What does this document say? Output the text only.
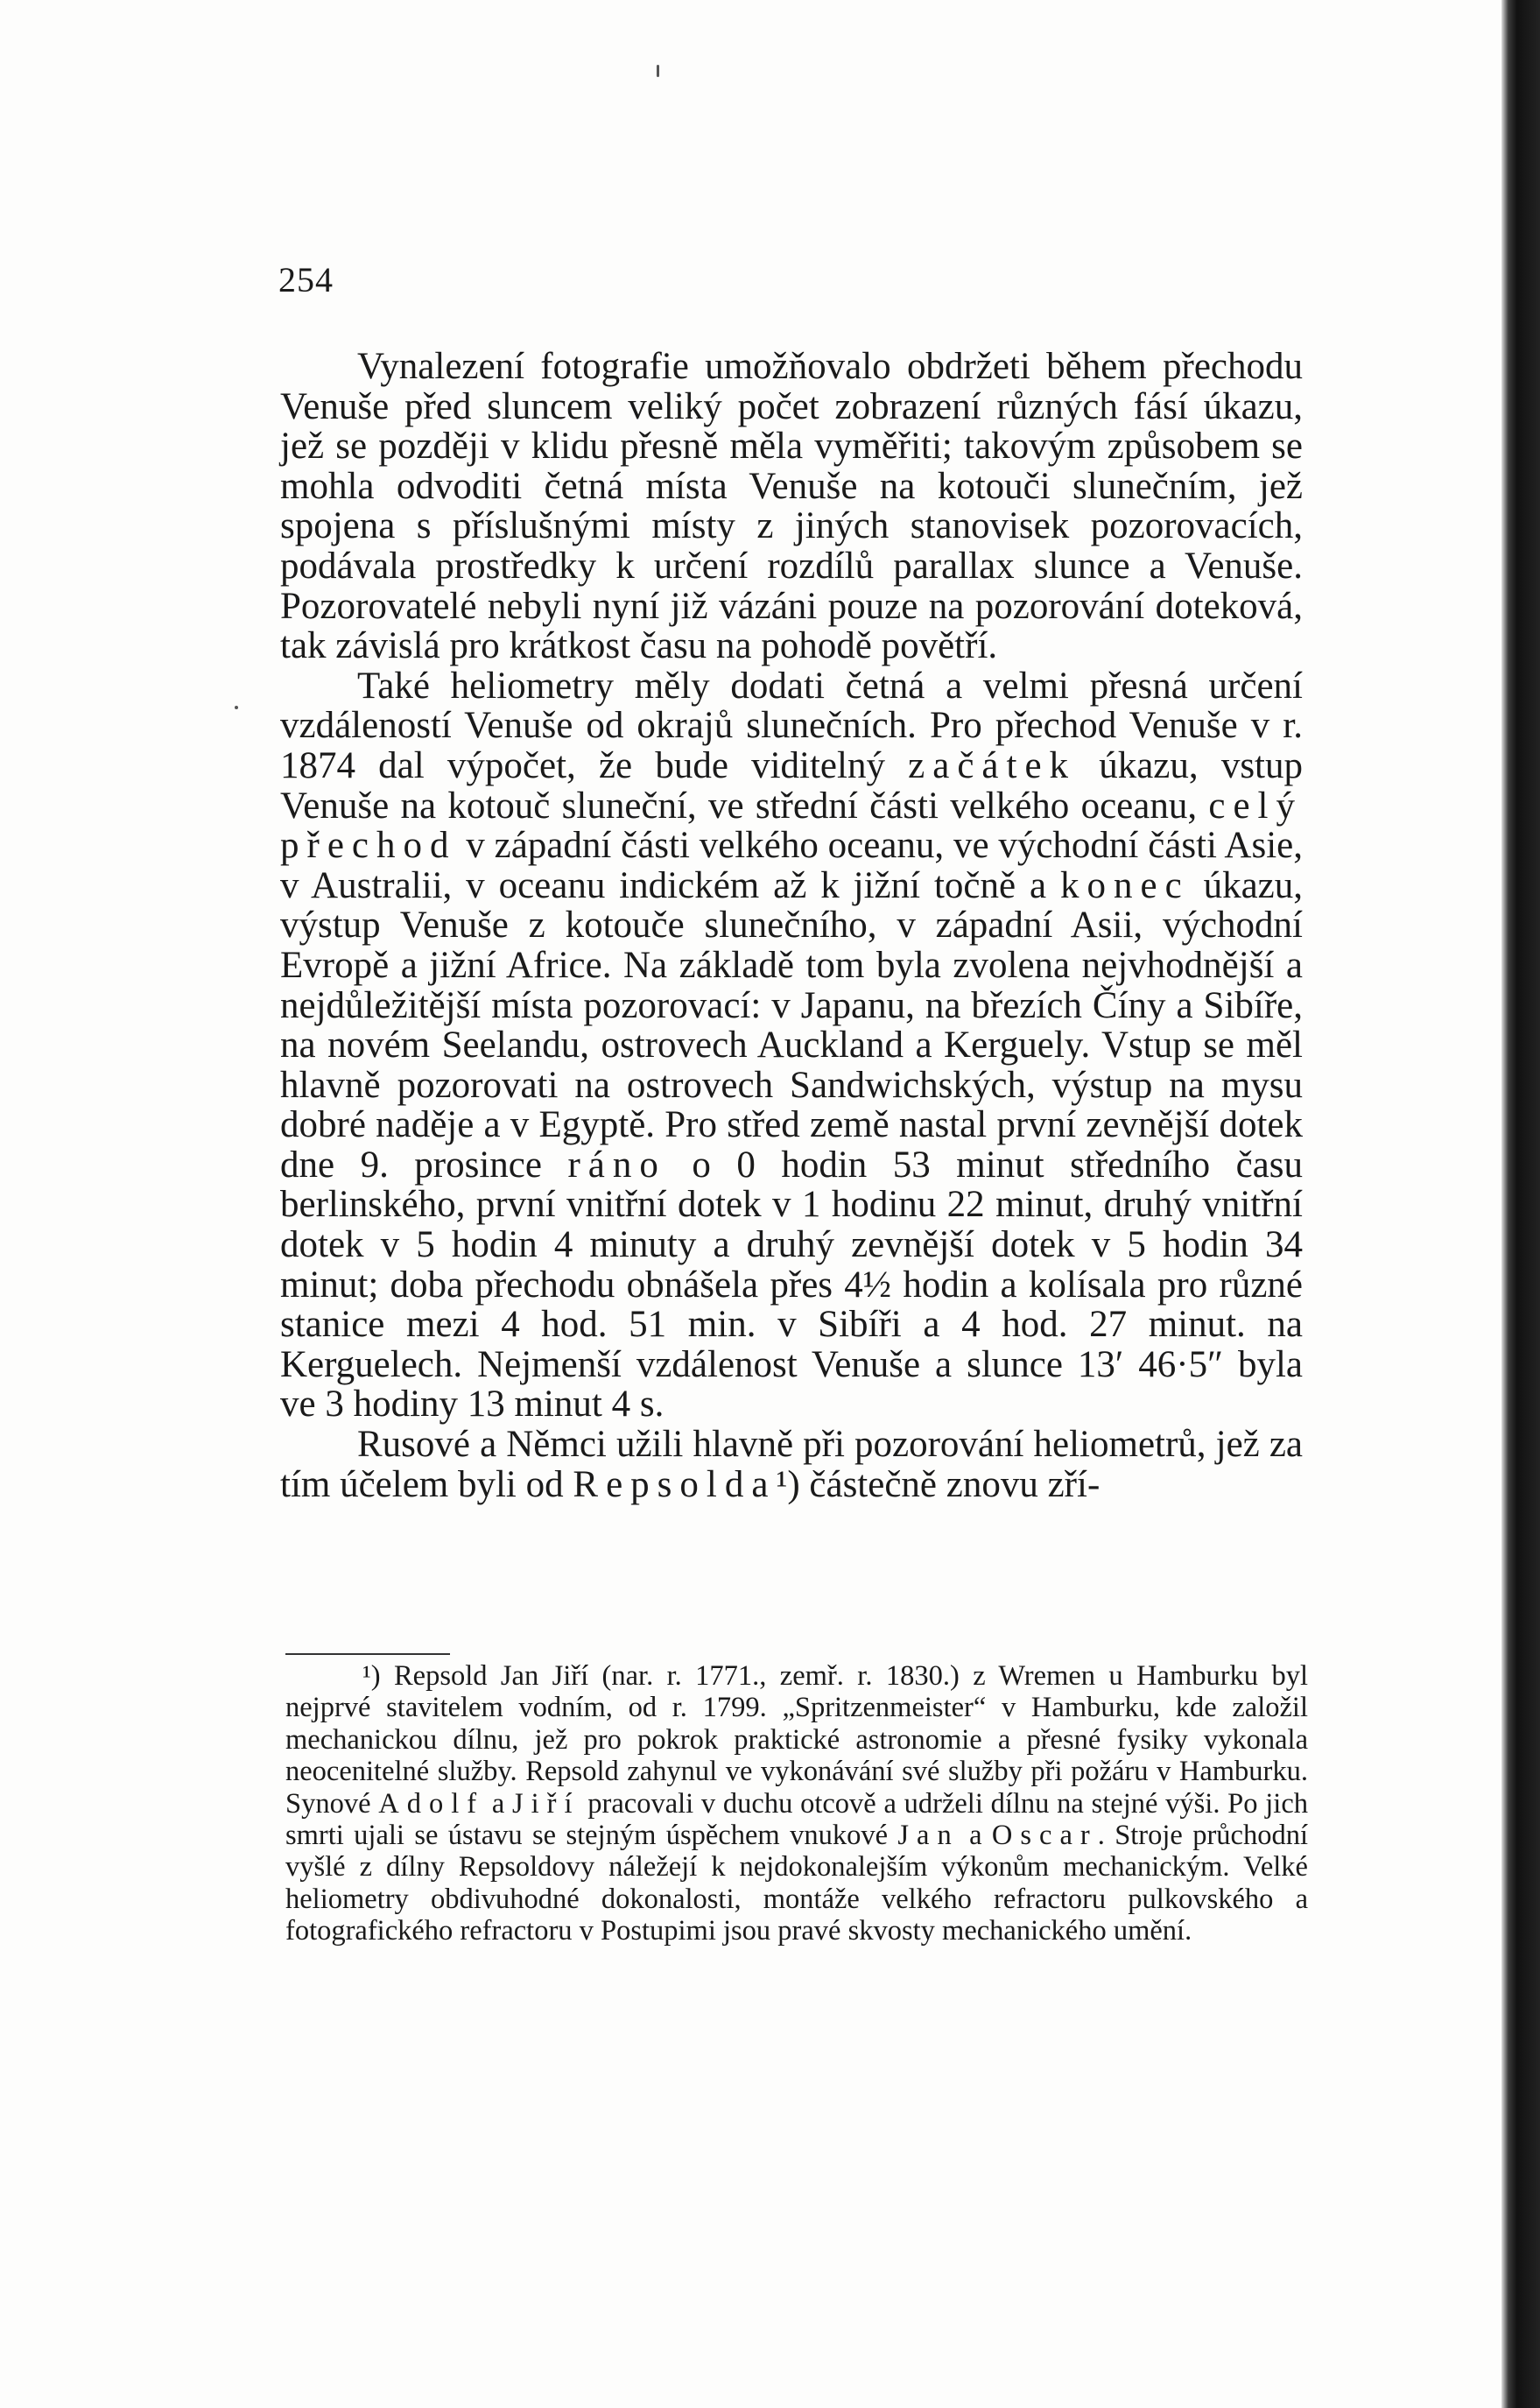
254

Vynalezení fotografie umožňovalo obdržeti během přechodu Venuše před sluncem veliký počet zobrazení různých fásí úkazu, jež se později v klidu přesně měla vyměřiti; takovým způsobem se mohla odvoditi četná místa Venuše na kotouči slunečním, jež spojena s příslušnými místy z jiných stanovisek pozorovacích, podávala prostředky k určení rozdílů parallax slunce a Venuše. Pozorovatelé nebyli nyní již vázáni pouze na pozorování doteková, tak závislá pro krátkost času na pohodě povětří.

Také heliometry měly dodati četná a velmi přesná určení vzdáleností Venuše od okrajů slunečních. Pro přechod Venuše v r. 1874 dal výpočet, že bude viditelný začátek úkazu, vstup Venuše na kotouč sluneční, ve střední části velkého oceanu, celý přechod v západní části velkého oceanu, ve východní části Asie, v Australii, v oceanu indickém až k jižní točně a konec úkazu, výstup Venuše z kotouče slunečního, v západní Asii, východní Evropě a jižní Africe. Na základě tom byla zvolena nejvhodnější a nejdůležitější místa pozorovací: v Japanu, na březích Číny a Sibíře, na novém Seelandu, ostrovech Auckland a Kerguely. Vstup se měl hlavně pozorovati na ostrovech Sandwichských, výstup na mysu dobré naděje a v Egyptě. Pro střed země nastal první zevnější dotek dne 9. prosince ráno o 0 hodin 53 minut středního času berlinského, první vnitřní dotek v 1 hodinu 22 minut, druhý vnitřní dotek v 5 hodin 4 minuty a druhý zevnější dotek v 5 hodin 34 minut; doba přechodu obnášela přes 4½ hodin a kolísala pro různé stanice mezi 4 hod. 51 min. v Sibíři a 4 hod. 27 minut. na Kerguelech. Nejmenší vzdálenost Venuše a slunce 13′ 46·5″ byla ve 3 hodiny 13 minut 4 s.

Rusové a Němci užili hlavně při pozorování heliometrů, jež za tím účelem byli od Repsolda¹) částečně znovu zří-

¹) Repsold Jan Jiří (nar. r. 1771., zemř. r. 1830.) z Wremen u Hamburku byl nejprvé stavitelem vodním, od r. 1799. „Spritzenmeister“ v Hamburku, kde založil mechanickou dílnu, jež pro pokrok praktické astronomie a přesné fysiky vykonala neocenitelné služby. Repsold zahynul ve vykonávání své služby při požáru v Hamburku. Synové Adolf a Jiří pracovali v duchu otcově a udrželi dílnu na stejné výši. Po jich smrti ujali se ústavu se stejným úspěchem vnukové Jan a Oscar. Stroje průchodní vyšlé z dílny Repsoldovy náležejí k nejdokonalejším výkonům mechanickým. Velké heliometry obdivuhodné dokonalosti, montáže velkého refractoru pulkovského a fotografického refractoru v Postupimi jsou pravé skvosty mechanického umění.
